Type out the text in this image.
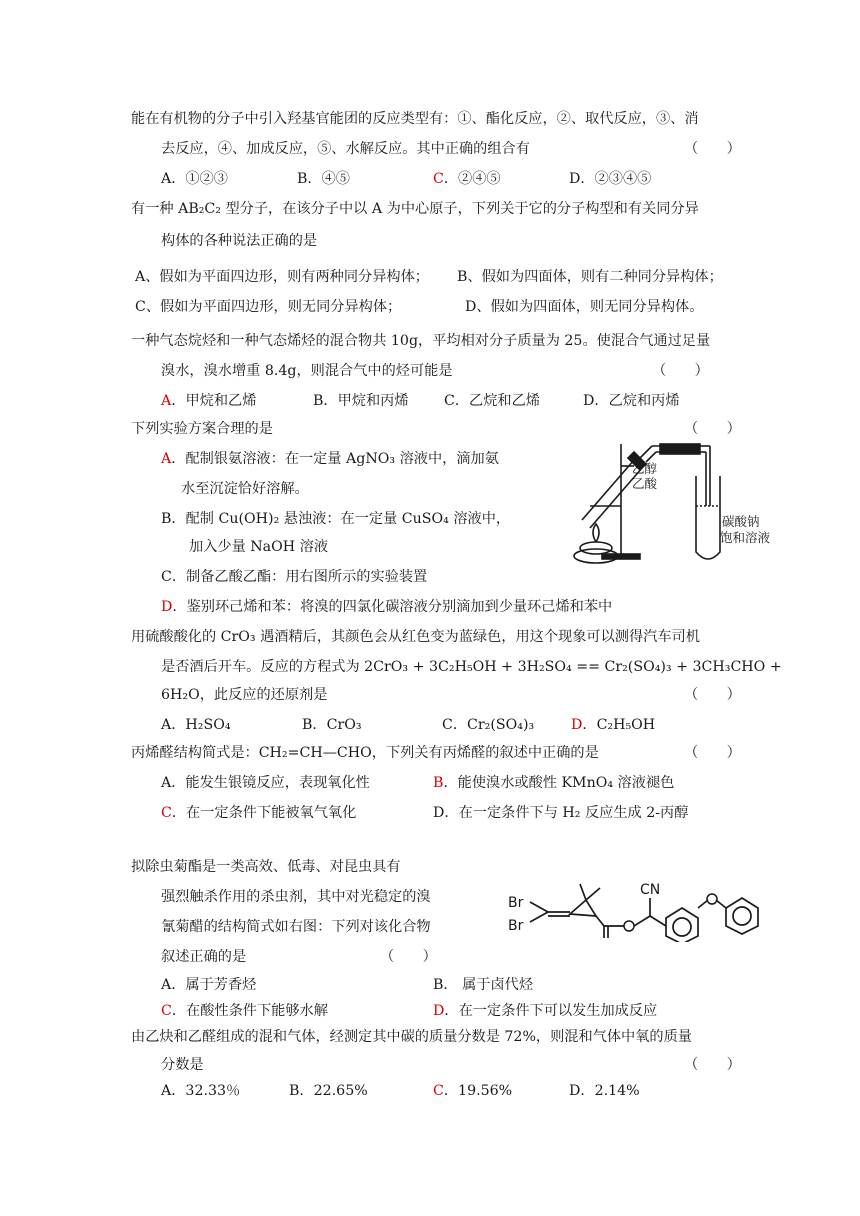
能在有机物的分子中引入羟基官能团的反应类型有：①、酯化反应，②、取代反应，③、消
去反应，④、加成反应，⑤、水解反应。其中正确的组合有	（　　）
A．①②③	B．④⑤	C．②④⑤	D．②③④⑤
有一种 AB₂C₂ 型分子，在该分子中以 A 为中心原子，下列关于它的分子构型和有关同分异
构体的各种说法正确的是
A、假如为平面四边形，则有两种同分异构体； B、假如为四面体，则有二种同分异构体；
C、假如为平面四边形，则无同分异构体；	D、假如为四面体，则无同分异构体。
一种气态烷烃和一种气态烯烃的混合物共 10g，平均相对分子质量为 25。使混合气通过足量
溴水，溴水增重 8.4g，则混合气中的烃可能是	（　　）
A．甲烷和乙烯	B．甲烷和丙烯 C．乙烷和乙烯	D．乙烷和丙烯
下列实验方案合理的是	（　　）
A．配制银氨溶液：在一定量 AgNO₃ 溶液中，滴加氨
水至沉淀恰好溶解。
B．配制 Cu(OH)₂ 悬浊液：在一定量 CuSO₄ 溶液中，
加入少量 NaOH 溶液
C．制备乙酸乙酯：用右图所示的实验装置
D．鉴别环己烯和苯：将溴的四氯化碳溶液分别滴加到少量环己烯和苯中
乙醇
乙酸
碳酸钠
饱和溶液
用硫酸酸化的 CrO₃ 遇酒精后，其颜色会从红色变为蓝绿色，用这个现象可以测得汽车司机
是否酒后开车。反应的方程式为 2CrO₃ + 3C₂H₅OH + 3H₂SO₄ == Cr₂(SO₄)₃ + 3CH₃CHO +
6H₂O，此反应的还原剂是	（　　）
A．H₂SO₄	B．CrO₃	C．Cr₂(SO₄)₃	D．C₂H₅OH
丙烯醛结构简式是：CH₂=CH—CHO，下列关有丙烯醛的叙述中正确的是	（　　）
A．能发生银镜反应，表现氧化性	B．能使溴水或酸性 KMnO₄ 溶液褪色
C．在一定条件下能被氧气氧化	D．在一定条件下与 H₂ 反应生成 2-丙醇
拟除虫菊酯是一类高效、低毒、对昆虫具有
强烈触杀作用的杀虫剂，其中对光稳定的溴
氰菊醋的结构简式如右图：下列对该化合物
叙述正确的是	（　　）
A．属于芳香烃	B． 属于卤代烃
C．在酸性条件下能够水解	D．在一定条件下可以发生加成反应
Br
Br
CN
由乙炔和乙醛组成的混和气体，经测定其中碳的质量分数是 72%，则混和气体中氧的质量
分数是	（　　）
A．32.33％	B．22.65%	C．19.56%	D．2.14%
